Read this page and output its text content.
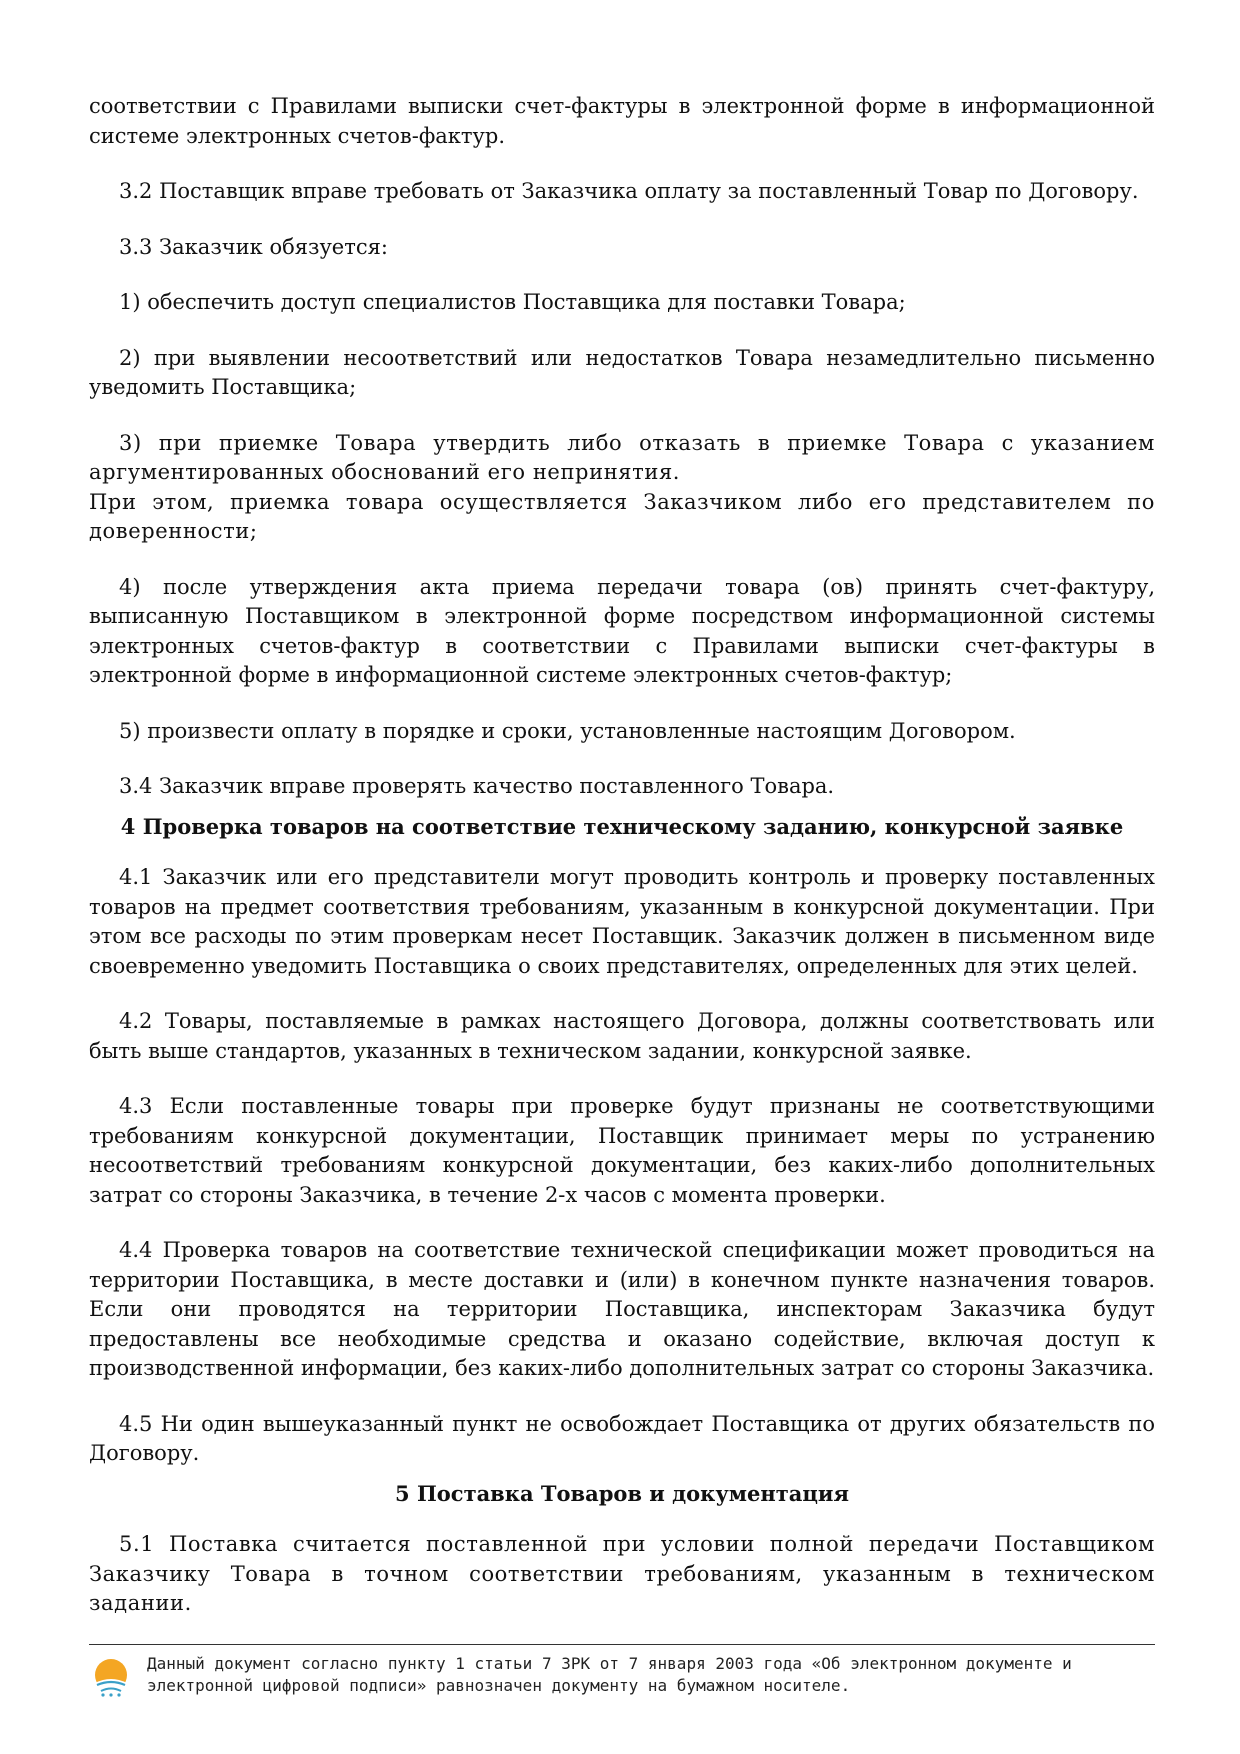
соответствии с Правилами выписки счет-фактуры в электронной форме в информационной системе электронных счетов-фактур.

3.2 Поставщик вправе требовать от Заказчика оплату за поставленный Товар по Договору.

3.3 Заказчик обязуется:

1) обеспечить доступ специалистов Поставщика для поставки Товара;

2) при выявлении несоответствий или недостатков Товара незамедлительно письменно уведомить Поставщика;

3) при приемке Товара утвердить либо отказать в приемке Товара с указанием аргументированных обоснований его непринятия.

При этом, приемка товара осуществляется Заказчиком либо его представителем по доверенности;

4) после утверждения акта приема передачи товара (ов) принять счет-фактуру, выписанную Поставщиком в электронной форме посредством информационной системы электронных счетов-фактур в соответствии с Правилами выписки счет-фактуры в электронной форме в информационной системе электронных счетов-фактур;

5) произвести оплату в порядке и сроки, установленные настоящим Договором.

3.4 Заказчик вправе проверять качество поставленного Товара.

4 Проверка товаров на соответствие техническому заданию, конкурсной заявке

4.1 Заказчик или его представители могут проводить контроль и проверку поставленных товаров на предмет соответствия требованиям, указанным в конкурсной документации. При этом все расходы по этим проверкам несет Поставщик. Заказчик должен в письменном виде своевременно уведомить Поставщика о своих представителях, определенных для этих целей.

4.2 Товары, поставляемые в рамках настоящего Договора, должны соответствовать или быть выше стандартов, указанных в техническом задании, конкурсной заявке.

4.3 Если поставленные товары при проверке будут признаны не соответствующими требованиям конкурсной документации, Поставщик принимает меры по устранению несоответствий требованиям конкурсной документации, без каких-либо дополнительных затрат со стороны Заказчика, в течение 2-х часов с момента проверки.

4.4 Проверка товаров на соответствие технической спецификации может проводиться на территории Поставщика, в месте доставки и (или) в конечном пункте назначения товаров. Если они проводятся на территории Поставщика, инспекторам Заказчика будут предоставлены все необходимые средства и оказано содействие, включая доступ к производственной информации, без каких-либо дополнительных затрат со стороны Заказчика.

4.5 Ни один вышеуказанный пункт не освобождает Поставщика от других обязательств по Договору.

5 Поставка Товаров и документация

5.1 Поставка считается поставленной при условии полной передачи Поставщиком Заказчику Товара в точном соответствии требованиям, указанным в техническом задании.

Данный документ согласно пункту 1 статьи 7 ЗРК от 7 января 2003 года «Об электронном документе и
электронной цифровой подписи» равнозначен документу на бумажном носителе.
